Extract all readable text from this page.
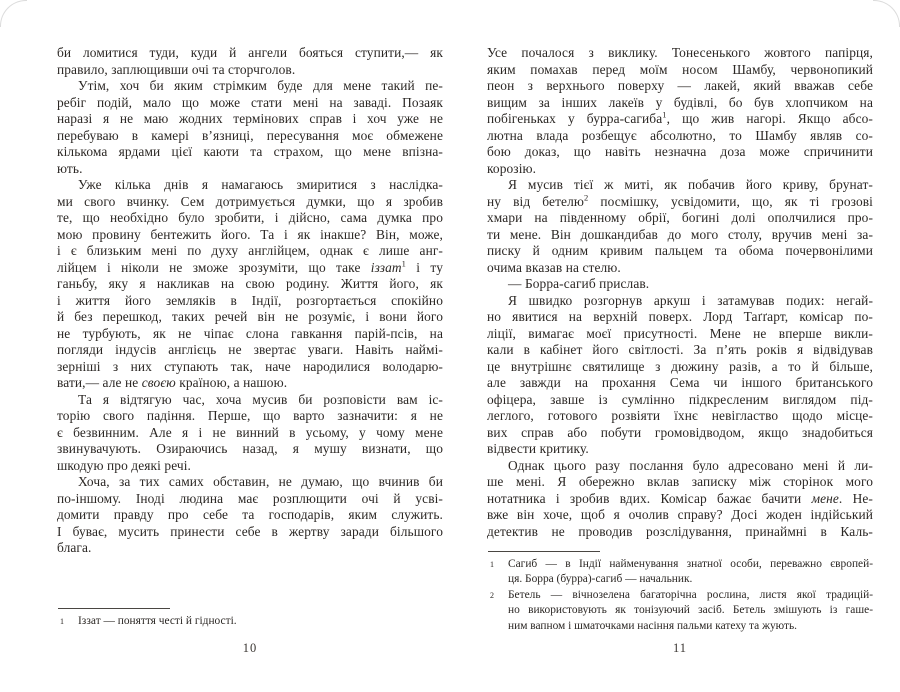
би ломитися туди, куди й ангели бояться ступити,— як
правило, заплющивши очі та сторчголов.
Утім, хоч би яким стрімким буде для мене такий пе-
ребіг подій, мало що може стати мені на заваді. Позаяк
наразі я не маю жодних термінових справ і хоч уже не
перебуваю в камері в’язниці, пересування моє обмежене
кількома ярдами цієї каюти та страхом, що мене впізна-
ють.
Уже кілька днів я намагаюсь змиритися з наслідка-
ми свого вчинку. Сем дотримується думки, що я зробив
те, що необхідно було зробити, і дійсно, сама думка про
мою провину бентежить його. Та і як інакше? Він, може,
і є близьким мені по духу англійцем, однак є лише анг-
лійцем і ніколи не зможе зрозуміти, що таке іззат$^1$ і ту
ганьбу, яку я накликав на свою родину. Життя його, як
і життя його земляків в Індії, розгортається спокійно
й без перешкод, таких речей він не розуміє, і вони його
не турбують, як не чіпає слона гавкання парій-псів, на
погляди індусів англієць не звертає уваги. Навіть наймі-
зерніші з них ступають так, наче народилися володарю-
вати,— але не своєю країною, а нашою.
Та я відтягую час, хоча мусив би розповісти вам іс-
торію свого падіння. Перше, що варто зазначити: я не
є безвинним. Але я і не винний в усьому, у чому мене
звинувачують. Озираючись назад, я мушу визнати, що
шкодую про деякі речі.
Хоча, за тих самих обставин, не думаю, що вчинив би
по-іншому. Іноді людина має розплющити очі й усві-
домити правду про себе та господарів, яким служить.
І буває, мусить принести себе в жертву заради більшого
блага.
1 Іззат — поняття честі й гідності.
10
Усе почалося з виклику. Тонесенького жовтого папірця,
яким помахав перед моїм носом Шамбу, червонопикий
пеон з верхнього поверху — лакей, який вважав себе
вищим за інших лакеїв у будівлі, бо був хлопчиком на
побігеньках у бурра-сагиба$^1$, що жив нагорі. Якщо абсо-
лютна влада розбещує абсолютно, то Шамбу являв со-
бою доказ, що навіть незначна доза може спричинити
корозію.
Я мусив тієї ж миті, як побачив його криву, брунат-
ну від бетелю$^2$ посмішку, усвідомити, що, як ті грозові
хмари на південному обрії, богині долі ополчилися про-
ти мене. Він дошкандибав до мого столу, вручив мені за-
писку й одним кривим пальцем та обома почервонілими
очима вказав на стелю.
— Борра-сагиб прислав.
Я швидко розгорнув аркуш і затамував подих: негай-
но явитися на верхній поверх. Лорд Таґґарт, комісар по-
ліції, вимагає моєї присутності. Мене не вперше викли-
кали в кабінет його світлості. За п’ять років я відвідував
це внутрішнє святилище з дюжину разів, а то й більше,
але завжди на прохання Сема чи іншого британського
офіцера, завше із сумлінно підкресленим виглядом під-
леглого, готового розвіяти їхнє невігластво щодо місце-
вих справ або побути громовідводом, якщо знадобиться
відвести критику.
Однак цього разу послання було адресовано мені й ли-
ше мені. Я обережно вклав записку між сторінок мого
нотатника і зробив вдих. Комісар бажає бачити мене. Не-
вже він хоче, щоб я очолив справу? Досі жоден індійський
детектив не проводив розслідування, принаймні в Каль-
1 Сагиб — в Індії найменування знатної особи, переважно європей-
ця. Борра (бурра)-сагиб — начальник.
2 Бетель — вічнозелена багаторічна рослина, листя якої традицій-
но використовують як тонізуючий засіб. Бетель змішують із гаше-
ним вапном і шматочками насіння пальми катеху та жують.
11
